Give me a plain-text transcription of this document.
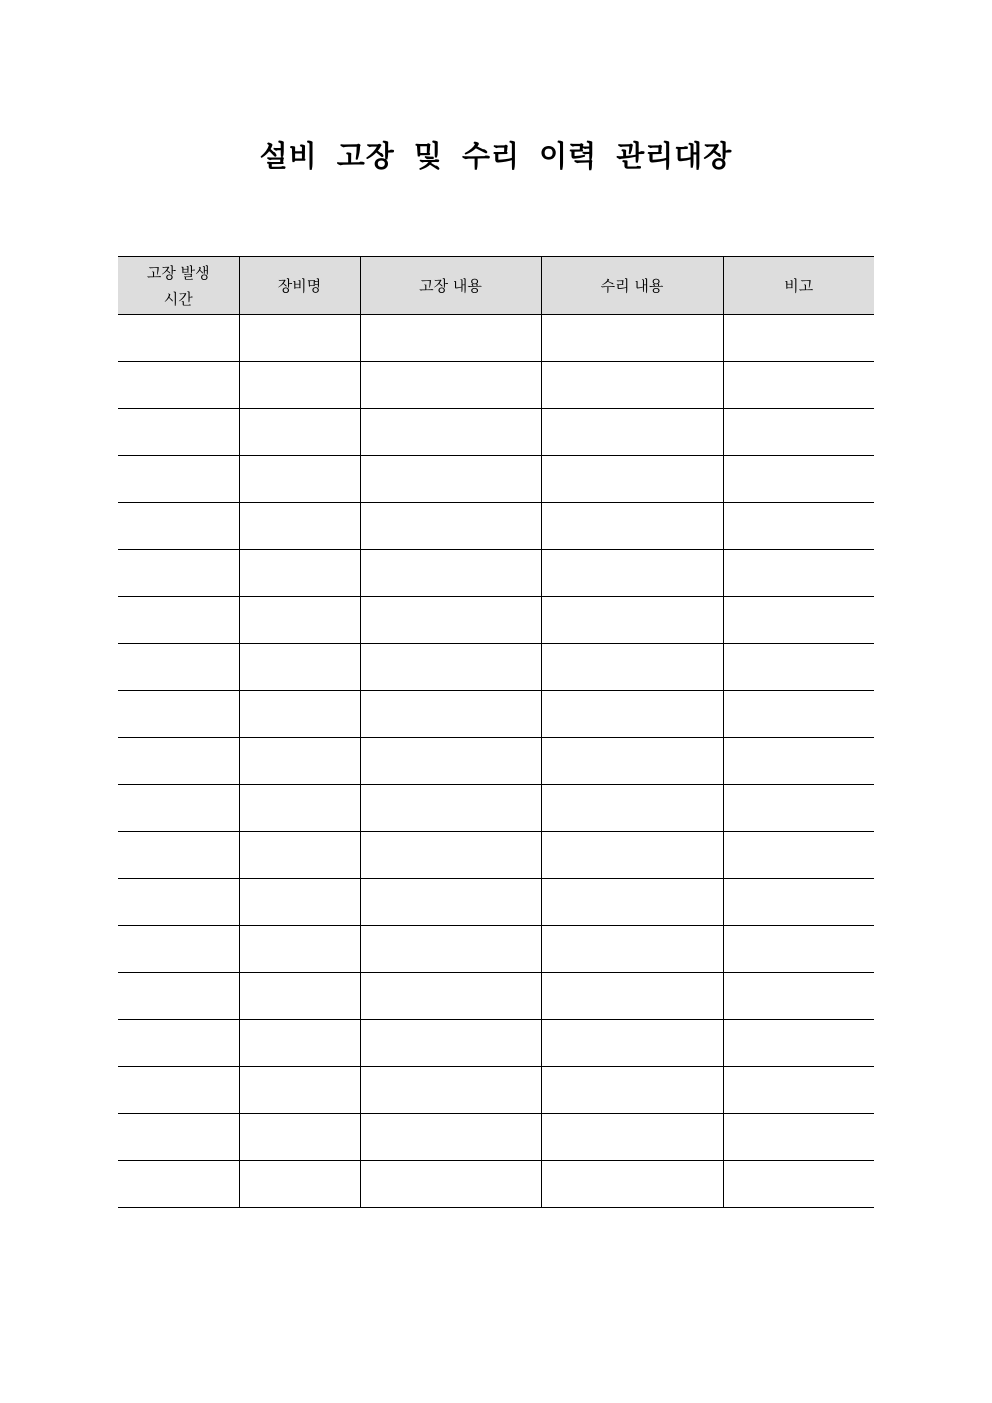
설비 고장 및 수리 이력 관리대장
고장 발생
시간	장비명	고장 내용	수리 내용	비고
